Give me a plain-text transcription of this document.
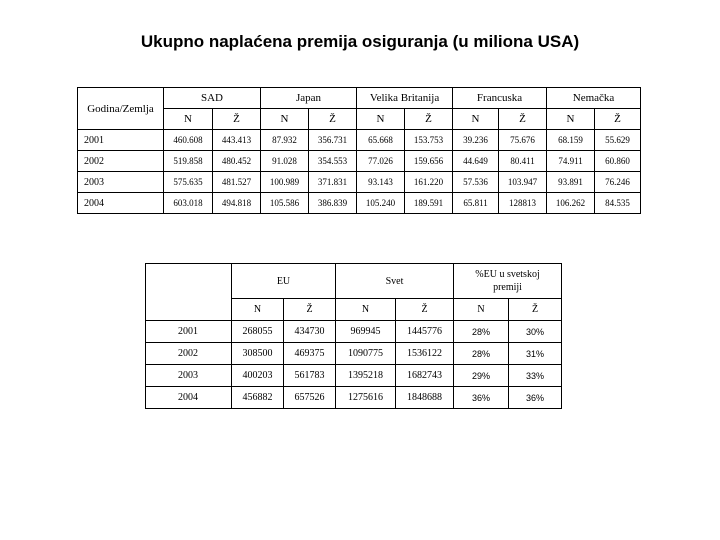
Ukupno naplaćena premija osiguranja (u miliona USA)
Godina/Zemlja	SAD		Japan		Velika Britanija		Francuska		Nemačka	
	N	Ž	N	Ž	N	Ž	N	Ž	N	Ž
2001	460.608	443.413	87.932	356.731	65.668	153.753	39.236	75.676	68.159	55.629
2002	519.858	480.452	91.028	354.553	77.026	159.656	44.649	80.411	74.911	60.860
2003	575.635	481.527	100.989	371.831	93.143	161.220	57.536	103.947	93.891	76.246
2004	603.018	494.818	105.586	386.839	105.240	189.591	65.811	128813	106.262	84.535
	EU		Svet		%EU u svetskoj premiji	

	N	Ž	N	Ž	N	Ž
2001	268055	434730	969945	1445776	28%	30%
2002	308500	469375	1090775	1536122	28%	31%
2003	400203	561783	1395218	1682743	29%	33%
2004	456882	657526	1275616	1848688	36%	36%
